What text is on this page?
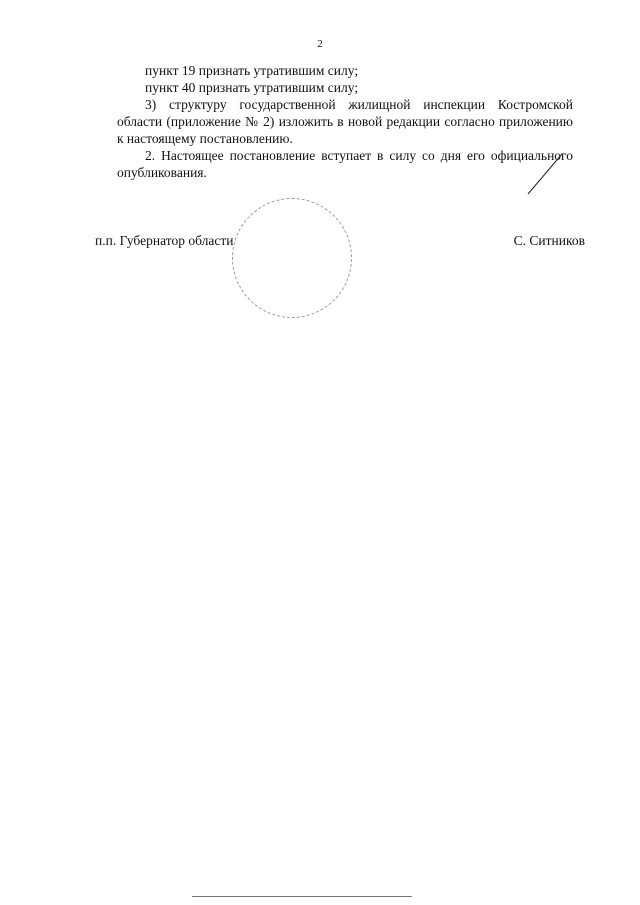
2

пункт 19 признать утратившим силу;

пункт 40 признать утратившим силу;

3) структуру государственной жилищной инспекции Костромской области (приложение № 2) изложить в новой редакции согласно приложению к настоящему постановлению.

2. Настоящее постановление вступает в силу со дня его официального опубликования.

п.п. Губернатор области	С. Ситников
